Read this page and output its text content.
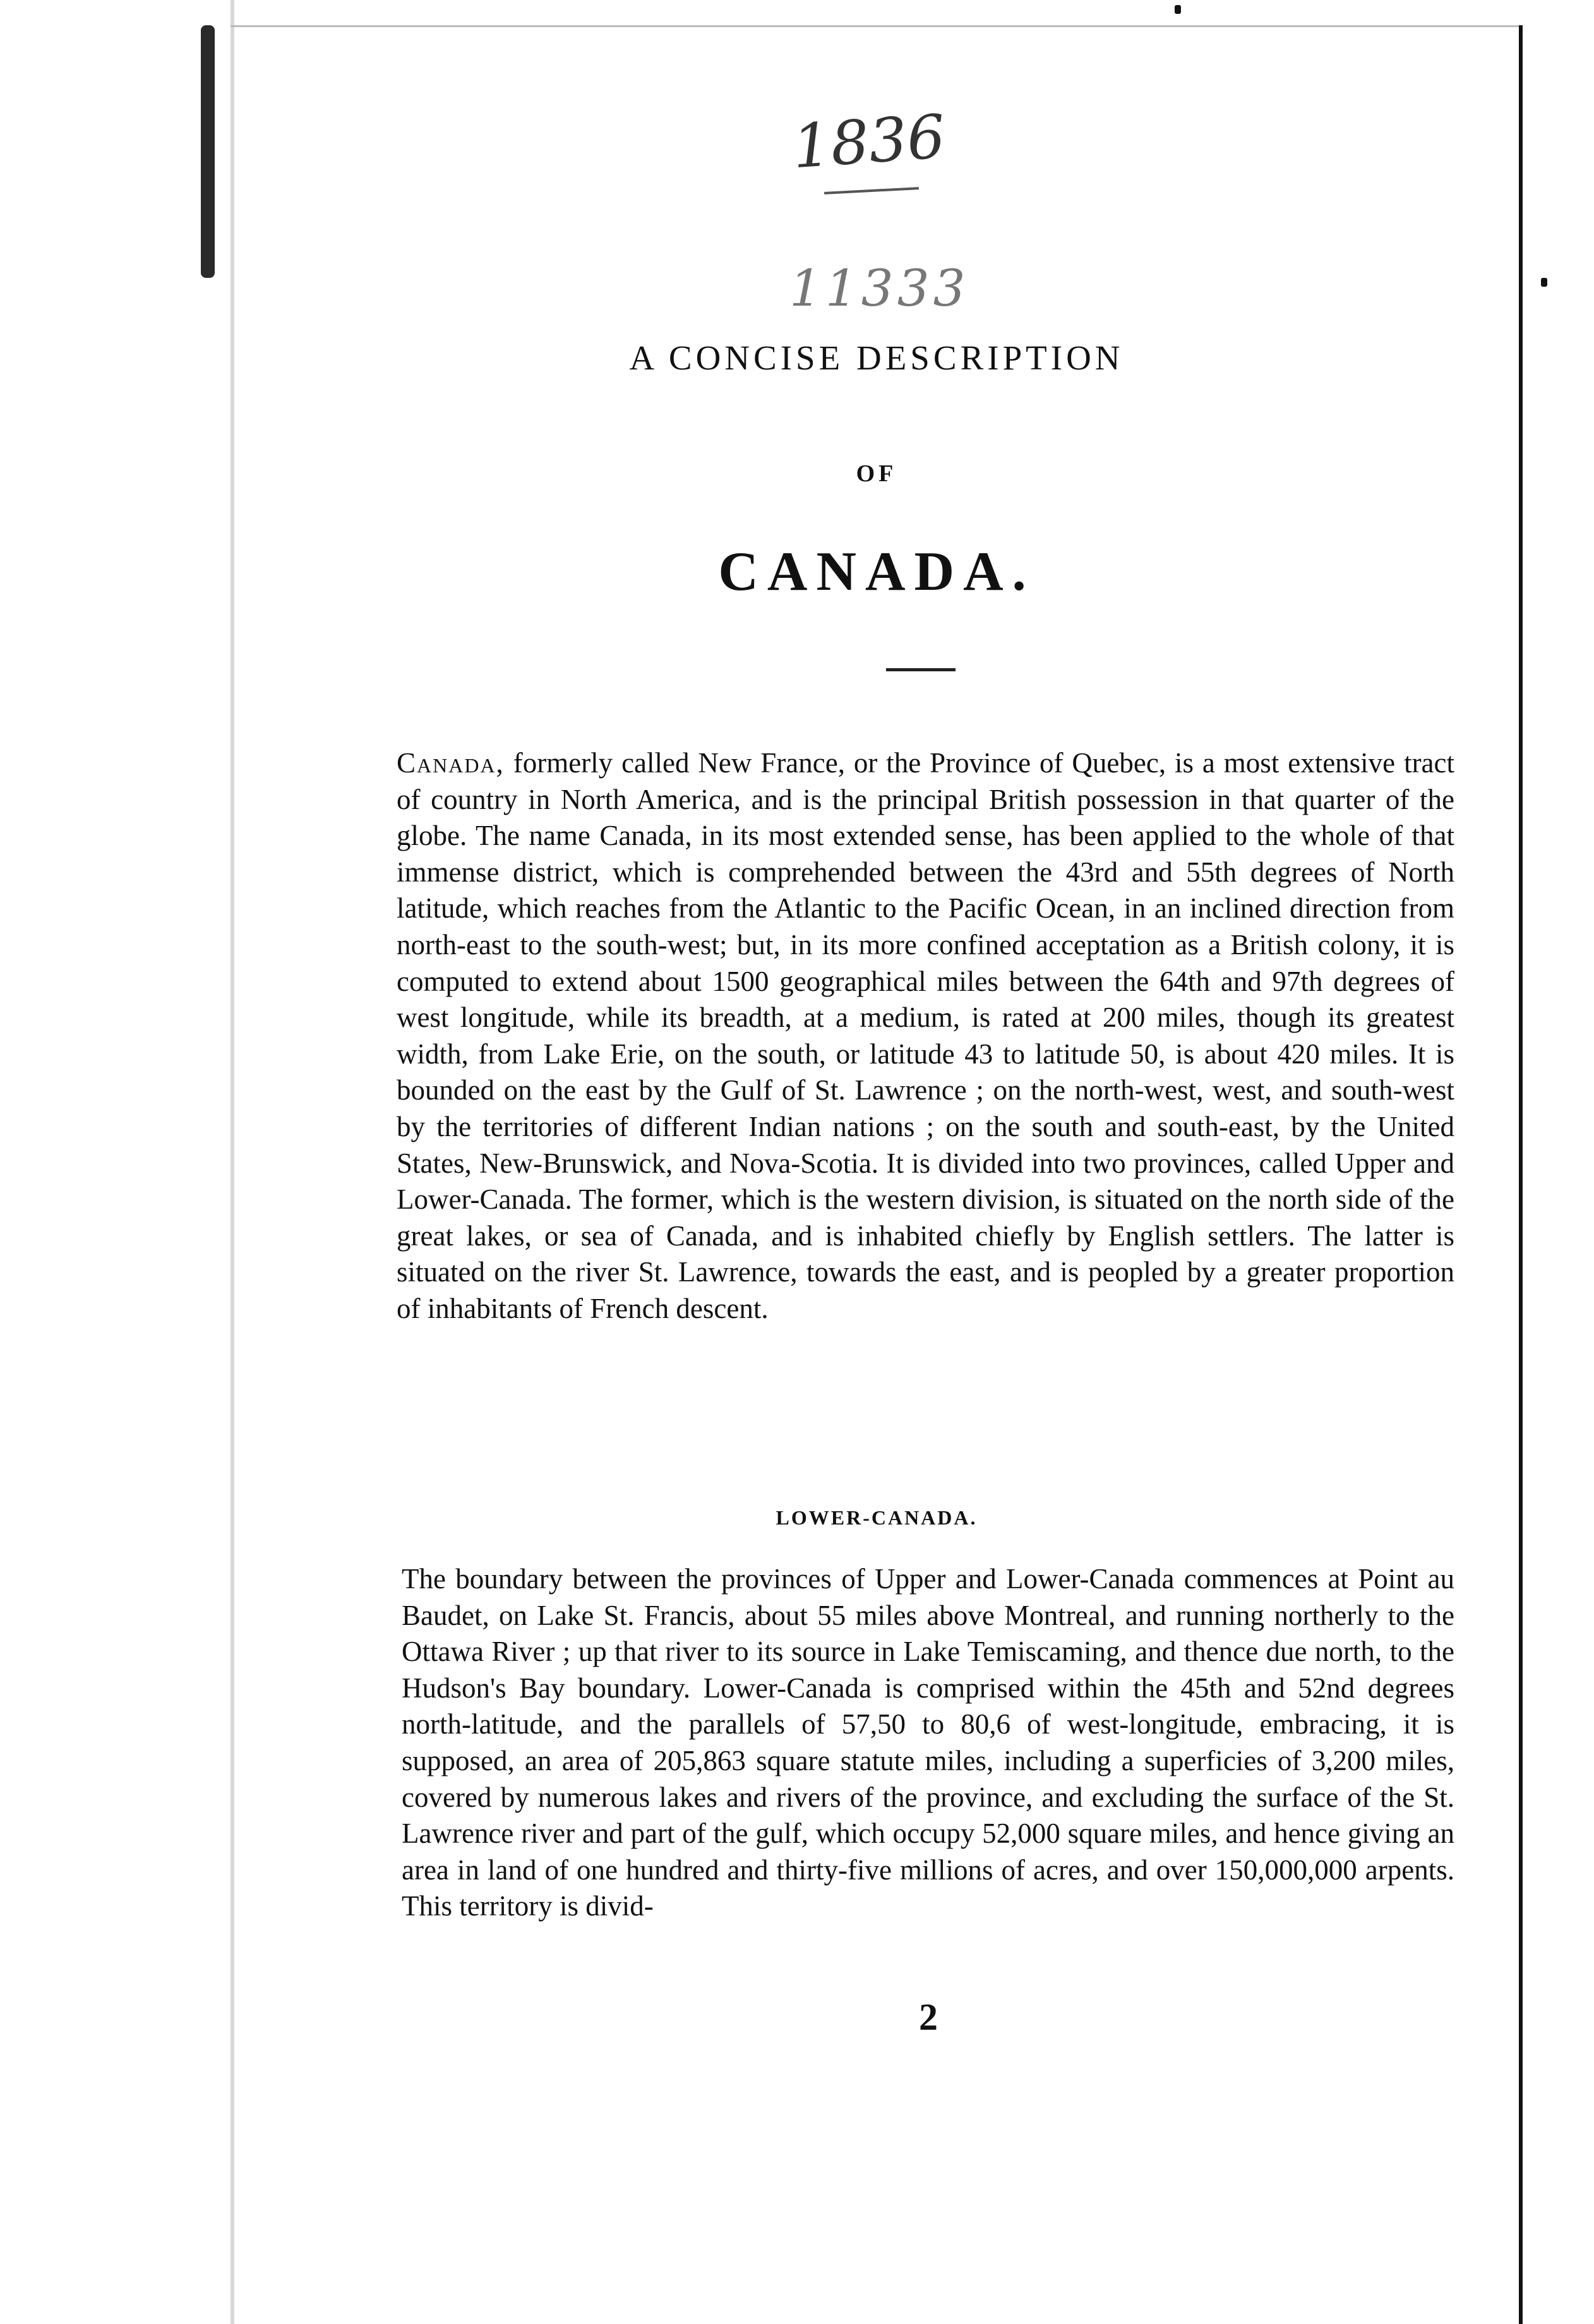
1836
11333
A CONCISE DESCRIPTION
OF
CANADA.

Canada, formerly called New France, or the Province of Quebec, is a most extensive tract of country in North America, and is the principal British possession in that quarter of the globe. The name Canada, in its most extended sense, has been applied to the whole of that immense district, which is comprehended between the 43rd and 55th degrees of North latitude, which reaches from the Atlantic to the Pacific Ocean, in an inclined direction from north-east to the south-west; but, in its more confined acceptation as a British colony, it is computed to extend about 1500 geographical miles between the 64th and 97th degrees of west longitude, while its breadth, at a medium, is rated at 200 miles, though its greatest width, from Lake Erie, on the south, or latitude 43 to latitude 50, is about 420 miles. It is bounded on the east by the Gulf of St. Lawrence ; on the north-west, west, and south-west by the territories of different Indian nations ; on the south and south-east, by the United States, New-Brunswick, and Nova-Scotia. It is divided into two provinces, called Upper and Lower-Canada. The former, which is the western division, is situated on the north side of the great lakes, or sea of Canada, and is inhabited chiefly by English settlers. The latter is situated on the river St. Lawrence, towards the east, and is peopled by a greater proportion of inhabitants of French descent.

LOWER-CANADA.

The boundary between the provinces of Upper and Lower-Canada commences at Point au Baudet, on Lake St. Francis, about 55 miles above Montreal, and running northerly to the Ottawa River ; up that river to its source in Lake Temiscaming, and thence due north, to the Hudson's Bay boundary. Lower-Canada is comprised within the 45th and 52nd degrees north-latitude, and the parallels of 57,50 to 80,6 of west-longitude, embracing, it is supposed, an area of 205,863 square statute miles, including a superficies of 3,200 miles, covered by numerous lakes and rivers of the province, and excluding the surface of the St. Lawrence river and part of the gulf, which occupy 52,000 square miles, and hence giving an area in land of one hundred and thirty-five millions of acres, and over 150,000,000 arpents. This territory is divid-

2
